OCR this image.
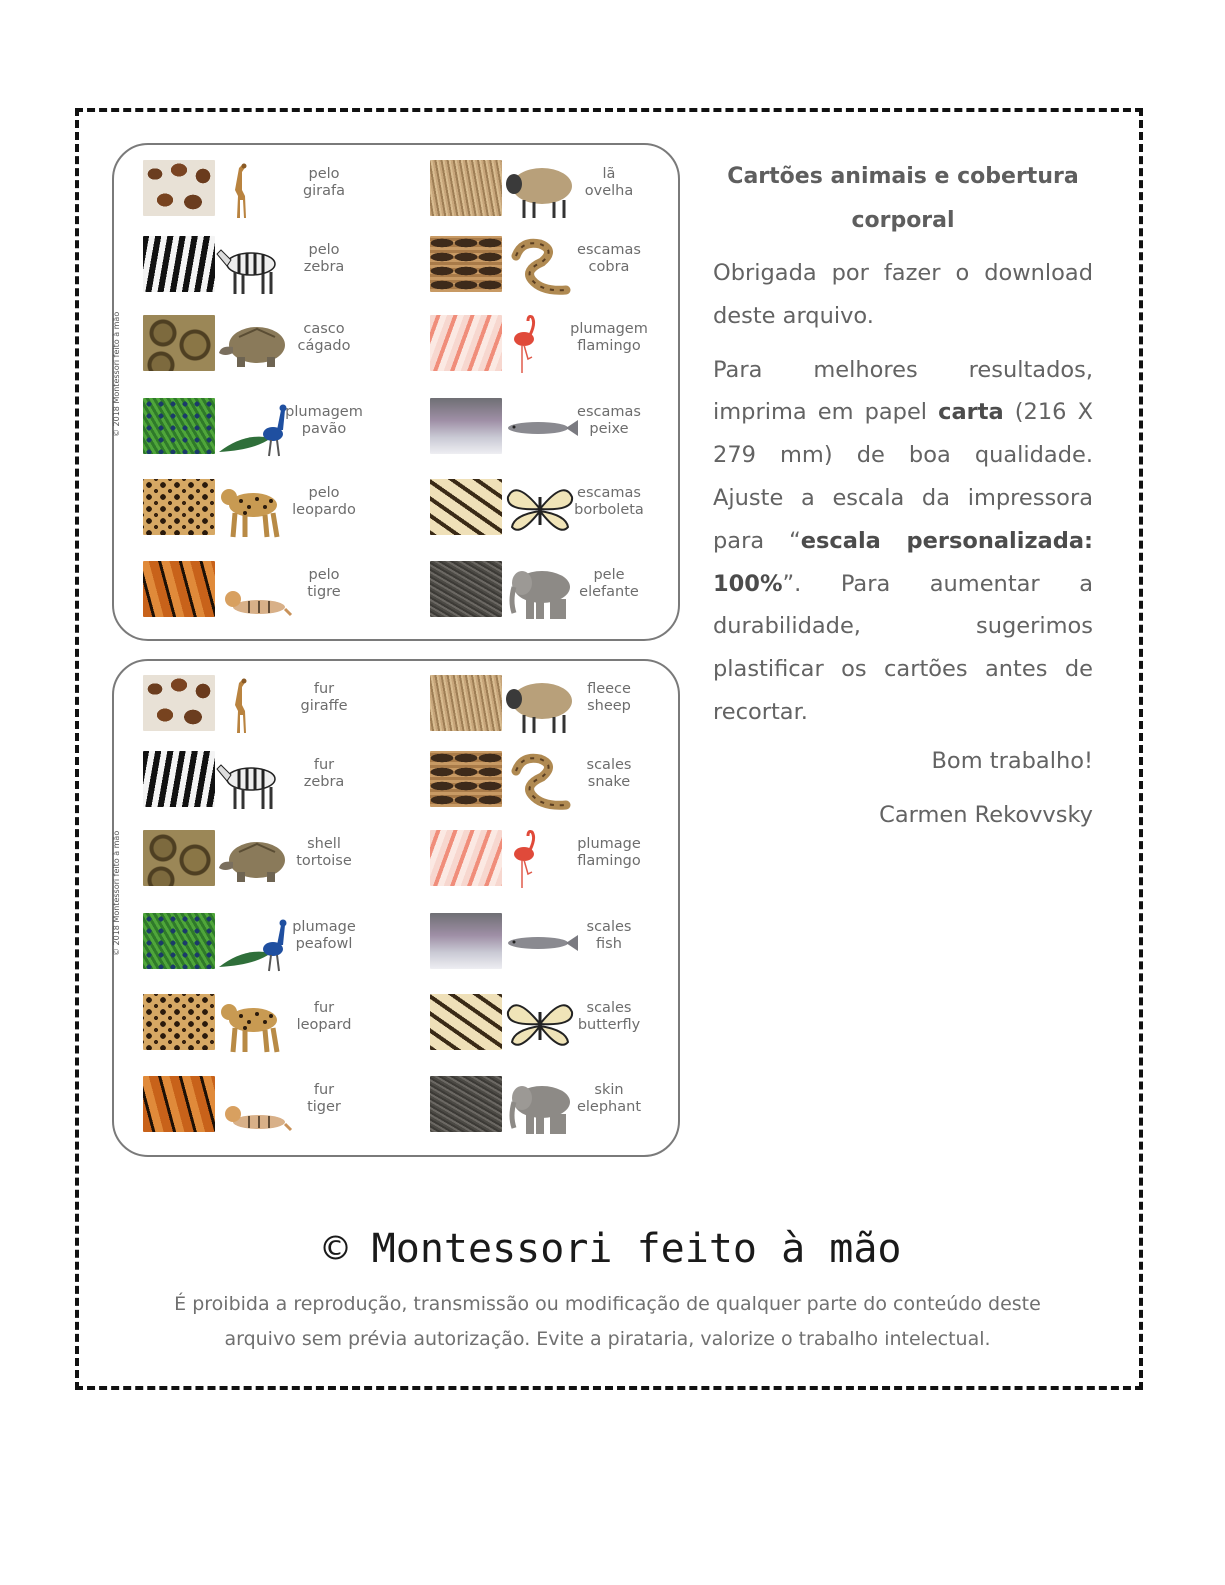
© 2018 Montessori feito à mão
© 2018 Montessori feito à mão
pelo
girafa
pelo
zebra
casco
cágado
plumagem
pavão
pelo
leopardo
pelo
tigre
lã
ovelha
escamas
cobra
plumagem
flamingo
escamas
peixe
escamas
borboleta
pele
elefante
fur
giraffe
fur
zebra
shell
tortoise
plumage
peafowl
fur
leopard
fur
tiger
fleece
sheep
scales
snake
plumage
flamingo
scales
fish
scales
butterfly
skin
elephant
Cartões animais e cobertura corporal

Obrigada por fazer o download deste arquivo.

Para melhores resultados, imprima em papel carta (216 X 279 mm) de boa qualidade. Ajuste a escala da impressora para “escala personalizada: 100%”. Para aumentar a durabilidade, sugerimos plastificar os cartões antes de recortar.

Bom trabalho!
Carmen Rekovvsky
© Montessori feito à mão
É proibida a reprodução, transmissão ou modificação de qualquer parte do conteúdo deste
arquivo sem prévia autorização. Evite a pirataria, valorize o trabalho intelectual.
